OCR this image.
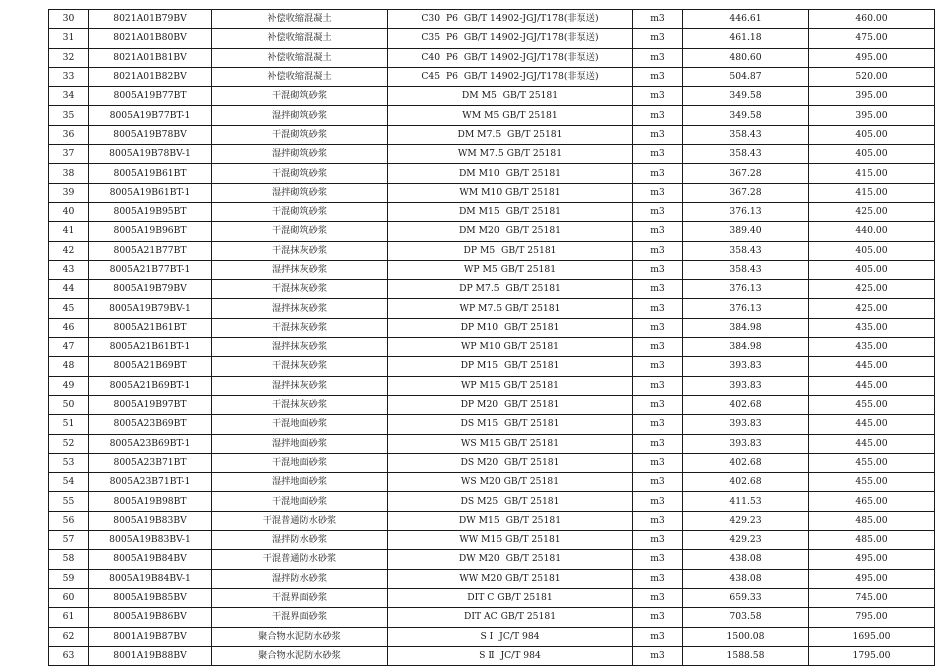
30	8021A01B79BV	补偿收缩混凝土	C30  P6  GB/T 14902-JGJ/T178(非泵送)	m3	446.61	460.00
31	8021A01B80BV	补偿收缩混凝土	C35  P6  GB/T 14902-JGJ/T178(非泵送)	m3	461.18	475.00
32	8021A01B81BV	补偿收缩混凝土	C40  P6  GB/T 14902-JGJ/T178(非泵送)	m3	480.60	495.00
33	8021A01B82BV	补偿收缩混凝土	C45  P6  GB/T 14902-JGJ/T178(非泵送)	m3	504.87	520.00
34	8005A19B77BT	干混砌筑砂浆	DM M5  GB/T 25181	m3	349.58	395.00
35	8005A19B77BT-1	湿拌砌筑砂浆	WM M5 GB/T 25181	m3	349.58	395.00
36	8005A19B78BV	干混砌筑砂浆	DM M7.5  GB/T 25181	m3	358.43	405.00
37	8005A19B78BV-1	湿拌砌筑砂浆	WM M7.5 GB/T 25181	m3	358.43	405.00
38	8005A19B61BT	干混砌筑砂浆	DM M10  GB/T 25181	m3	367.28	415.00
39	8005A19B61BT-1	湿拌砌筑砂浆	WM M10 GB/T 25181	m3	367.28	415.00
40	8005A19B95BT	干混砌筑砂浆	DM M15  GB/T 25181	m3	376.13	425.00
41	8005A19B96BT	干混砌筑砂浆	DM M20  GB/T 25181	m3	389.40	440.00
42	8005A21B77BT	干混抹灰砂浆	DP M5  GB/T 25181	m3	358.43	405.00
43	8005A21B77BT-1	湿拌抹灰砂浆	WP M5 GB/T 25181	m3	358.43	405.00
44	8005A19B79BV	干混抹灰砂浆	DP M7.5  GB/T 25181	m3	376.13	425.00
45	8005A19B79BV-1	湿拌抹灰砂浆	WP M7.5 GB/T 25181	m3	376.13	425.00
46	8005A21B61BT	干混抹灰砂浆	DP M10  GB/T 25181	m3	384.98	435.00
47	8005A21B61BT-1	湿拌抹灰砂浆	WP M10 GB/T 25181	m3	384.98	435.00
48	8005A21B69BT	干混抹灰砂浆	DP M15  GB/T 25181	m3	393.83	445.00
49	8005A21B69BT-1	湿拌抹灰砂浆	WP M15 GB/T 25181	m3	393.83	445.00
50	8005A19B97BT	干混抹灰砂浆	DP M20  GB/T 25181	m3	402.68	455.00
51	8005A23B69BT	干混地面砂浆	DS M15  GB/T 25181	m3	393.83	445.00
52	8005A23B69BT-1	湿拌地面砂浆	WS M15 GB/T 25181	m3	393.83	445.00
53	8005A23B71BT	干混地面砂浆	DS M20  GB/T 25181	m3	402.68	455.00
54	8005A23B71BT-1	湿拌地面砂浆	WS M20 GB/T 25181	m3	402.68	455.00
55	8005A19B98BT	干混地面砂浆	DS M25  GB/T 25181	m3	411.53	465.00
56	8005A19B83BV	干混普通防水砂浆	DW M15  GB/T 25181	m3	429.23	485.00
57	8005A19B83BV-1	湿拌防水砂浆	WW M15 GB/T 25181	m3	429.23	485.00
58	8005A19B84BV	干混普通防水砂浆	DW M20  GB/T 25181	m3	438.08	495.00
59	8005A19B84BV-1	湿拌防水砂浆	WW M20 GB/T 25181	m3	438.08	495.00
60	8005A19B85BV	干混界面砂浆	DIT C GB/T 25181	m3	659.33	745.00
61	8005A19B86BV	干混界面砂浆	DIT AC GB/T 25181	m3	703.58	795.00
62	8001A19B87BV	聚合物水泥防水砂浆	S Ⅰ  JC/T 984	m3	1500.08	1695.00
63	8001A19B88BV	聚合物水泥防水砂浆	S Ⅱ  JC/T 984	m3	1588.58	1795.00
